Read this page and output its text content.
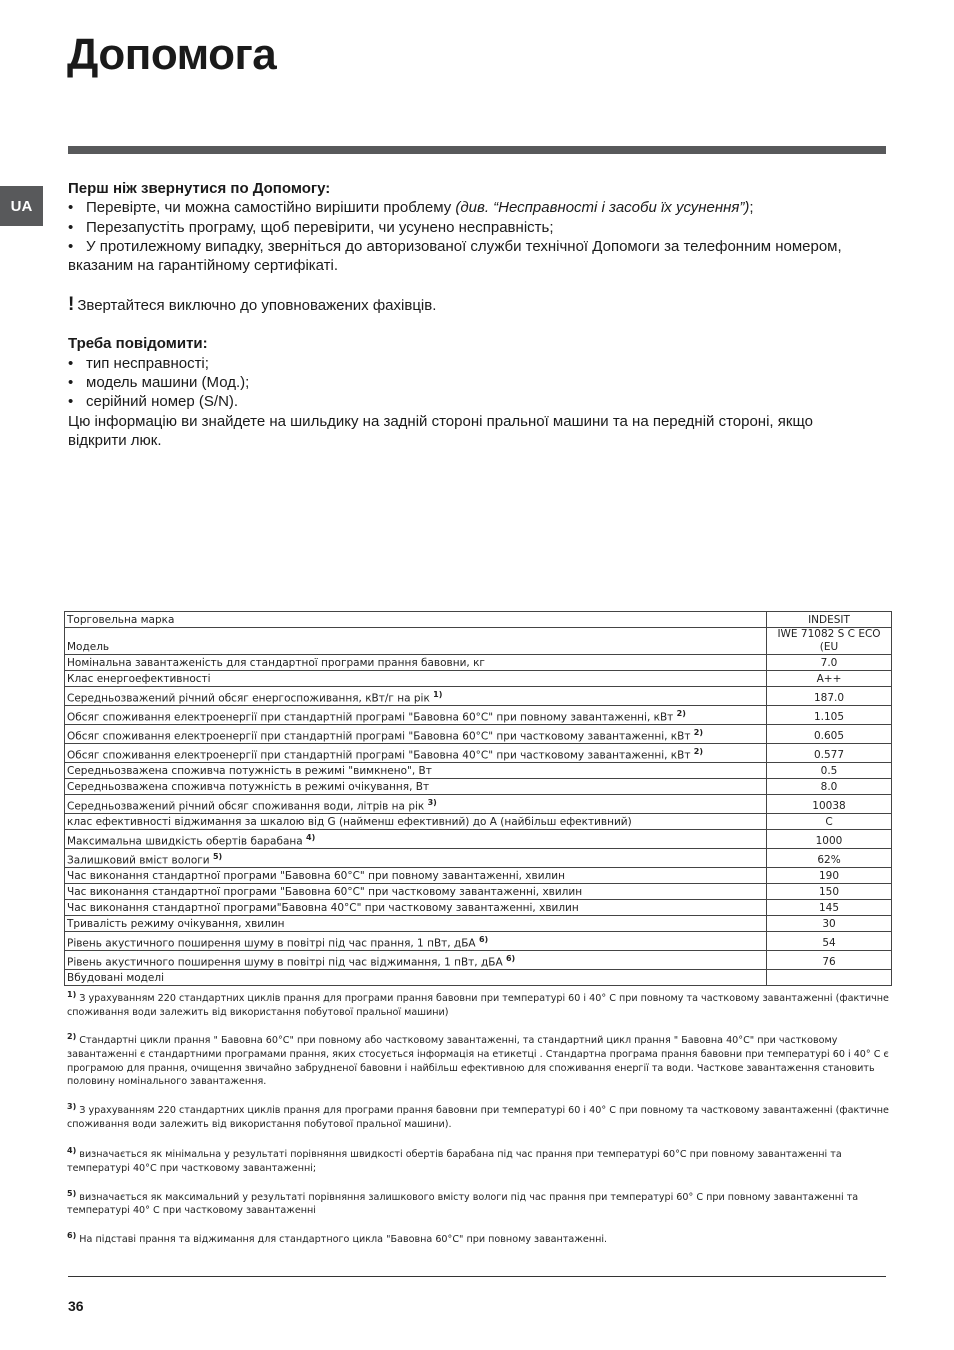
Допомога
UA
Перш ніж звернутися по Допомогу:
• Перевірте, чи можна самостійно вирішити проблему (див. “Несправності і засоби їх усунення”);
• Перезапустіть програму, щоб перевірити, чи усунено несправність;
• У протилежному випадку, зверніться до авторизованої служби технічної Допомоги за телефонним номером,
вказаним на гарантійному сертифікаті.
! Звертайтеся виключно до уповноважених фахівців.
Треба повідомити:
• тип несправності;
• модель машини (Мод.);
• серійний номер (S/N).
Цю інформацію ви знайдете на шильдику на задній стороні пральної машини та на передній стороні, якщо
відкрити люк.
Торговельна марка	INDESIT
Модель	IWE 71082 S C ECO (EU
Номінальна завантаженість для стандартної програми прання бавовни, кг	7.0
Клас енергоефективності	A++
Середньозважений річний обсяг енергоспоживання, кВт/г на рік $^{1)}$	187.0
Обсяг споживання електроенергії при стандартній програмі "Бавовна 60°C" при повному завантаженні, кВт $^{2)}$	1.105
Обсяг споживання електроенергії при стандартній програмі "Бавовна 60°C" при частковому завантаженні, кВт $^{2)}$	0.605
Обсяг споживання електроенергії при стандартній програмі "Бавовна 40°C" при частковому завантаженні, кВт $^{2)}$	0.577
Середньозважена споживча потужність в режимі "вимкнено", Вт	0.5
Середньозважена споживча потужність в режимі очікування, Вт	8.0
Середньозважений річний обсяг споживання води, літрів на рік $^{3)}$	10038
клас ефективності віджимання за шкалою від G (найменш ефективний) до A (найбільш ефективний)	C
Максимальна швидкість обертів барабана $^{4)}$	1000
Залишковий вміст вологи $^{5)}$	62%
Час виконання стандартної програми "Бавовна 60°C" при повному завантаженні, хвилин	190
Час виконання стандартної програми "Бавовна 60°C" при частковому завантаженні, хвилин	150
Час виконання стандартної програми"Бавовна 40°C" при частковому завантаженні, хвилин	145
Тривалість режиму очікування, хвилин	30
Рівень акустичного поширення шуму в повітрі під час прання, 1 пВт, дБА $^{6)}$	54
Рівень акустичного поширення шуму в повітрі під час віджимання, 1 пВт, дБА $^{6)}$	76
Вбудовані моделі	

$^{1)}$ З урахуванням 220 стандартних циклів прання для програми прання бавовни при температурі 60 і 40° C при повному та частковому завантаженні (фактичне споживання води залежить від використання побутової пральної машини)

$^{2)}$ Стандартні цикли прання " Бавовна 60°C" при повному або частковому завантаженні, та стандартний цикл прання " Бавовна 40°C" при частковому завантаженні є стандартними програмами прання, яких стосується інформація на етикетці . Стандартна програма прання бавовни при температурі 60 і 40° C є програмою для прання, очищення звичайно забрудненої бавовни і найбільш ефективною для споживання енергії та води. Часткове завантаження становить половину номінального завантаження.

$^{3)}$ З урахуванням 220 стандартних циклів прання для програми прання бавовни при температурі 60 і 40° C при повному та частковому завантаженні (фактичне споживання води залежить від використання побутової пральної машини).

$^{4)}$ визначається як мінімальна у результаті порівняння швидкості обертів барабана під час прання при температурі 60°C при повному завантаженні та температурі 40°C при частковому завантаженні;

$^{5)}$ визначається як максимальний у результаті порівняння залишкового вмісту вологи під час прання при температурі 60° C при повному завантаженні та температурі 40° C при частковому завантаженні

$^{6)}$ На підставі прання та віджимання для стандартного цикла "Бавовна 60°C" при повному завантаженні.

36
